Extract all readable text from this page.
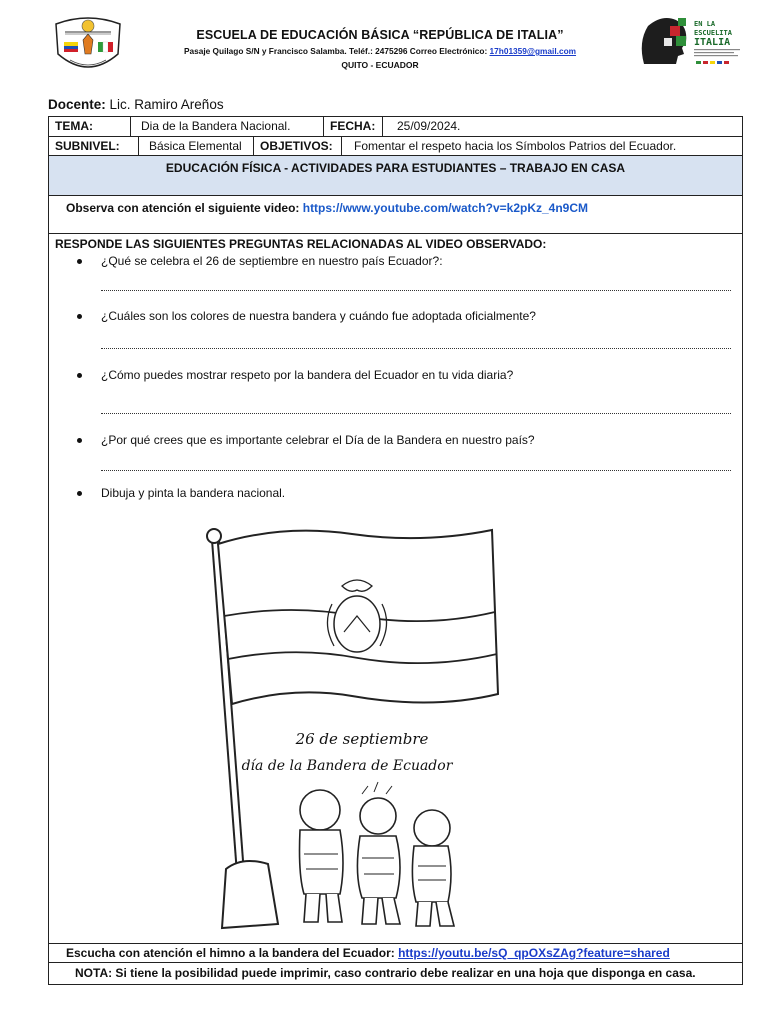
ESCUELA DE EDUCACIÓN BÁSICA “REPÚBLICA DE ITALIA”
Pasaje Quilago S/N y Francisco Salamba. Teléf.: 2475296 Correo Electrónico: 17h01359@gmail.com
QUITO - ECUADOR
EN LA
ESCUELITA
ITALIA
Docente: Lic. Ramiro Areños
TEMA:	Dia de la Bandera Nacional.	FECHA:	25/09/2024.
SUBNIVEL:	Básica Elemental	OBJETIVOS:	Fomentar el respeto hacia los Símbolos Patrios del Ecuador.
EDUCACIÓN FÍSICA - ACTIVIDADES PARA ESTUDIANTES – TRABAJO EN CASA
Observa con atención el siguiente video: https://www.youtube.com/watch?v=k2pKz_4n9CM
RESPONDE LAS SIGUIENTES PREGUNTAS RELACIONADAS AL VIDEO OBSERVADO:
¿Qué se celebra el 26 de septiembre en nuestro país Ecuador?:
¿Cuáles son los colores de nuestra bandera y cuándo fue adoptada oficialmente?
¿Cómo puedes mostrar respeto por la bandera del Ecuador en tu vida diaria?
¿Por qué crees que es importante celebrar el Día de la Bandera en nuestro país?
Dibuja y pinta la bandera nacional.
26 de septiembre
día de la Bandera de Ecuador
Escucha con atención el himno a la bandera del Ecuador: https://youtu.be/sQ_qpOXsZAg?feature=shared
NOTA: Si tiene la posibilidad puede imprimir, caso contrario debe realizar en una hoja que disponga en casa.
